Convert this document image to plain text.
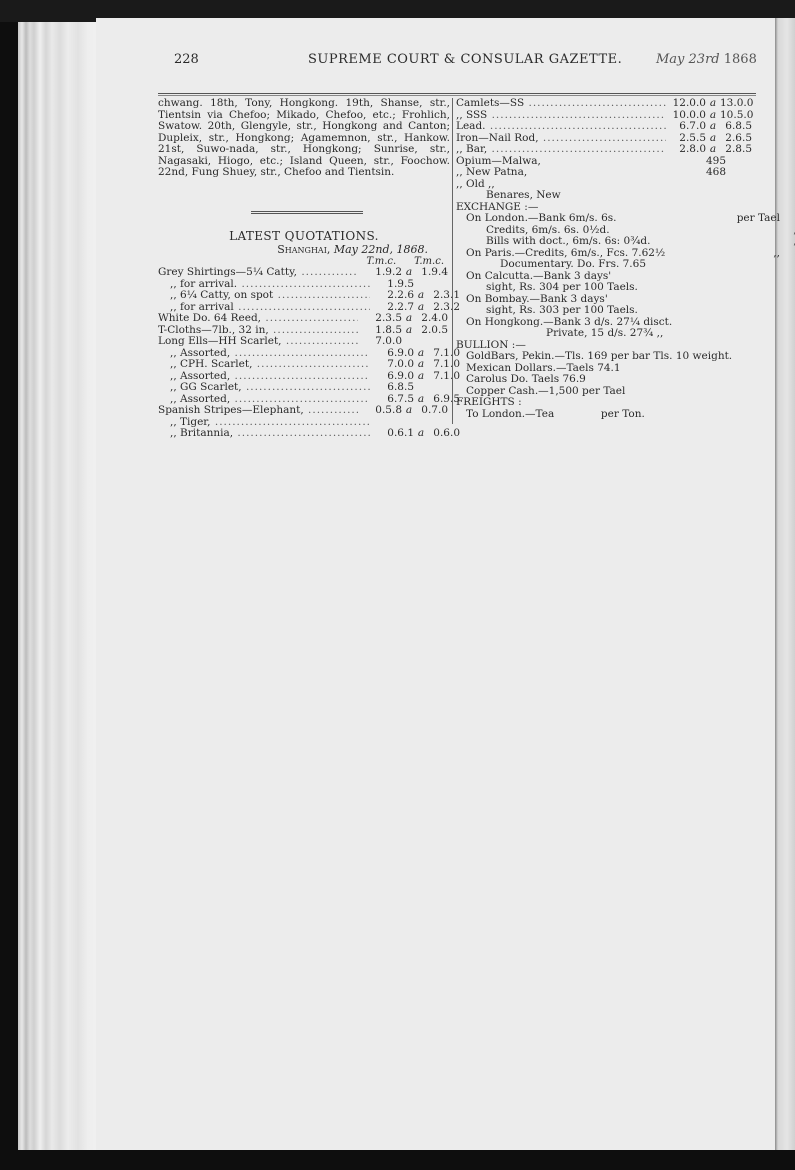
228	SUPREME COURT & CONSULAR GAZETTE.	May 23rd 1868

chwang. 18th, Tony, Hongkong. 19th, Shanse, str., Tientsin via Chefoo; Mikado, Chefoo, etc.; Frohlich, Swatow. 20th, Glengyle, str., Hongkong and Canton; Dupleix, str., Hongkong; Agamemnon, str., Hankow. 21st, Suwo-nada, str., Hongkong; Sunrise, str., Nagasaki, Hiogo, etc.; Island Queen, str., Foochow. 22nd, Fung Shuey, str., Chefoo and Tientsin.

LATEST QUOTATIONS.
Shanghai, May 22nd, 1868.
T.m.c. T.m.c.
Grey Shirtings—5¼ Catty, .....	1.9.2 a 1.9.4
,, for arrival. .....	1.9.5
,, 6¼ Catty, on spot .....	2.2.6 a 2.3.1
,, for arrival .....	2.2.7 a 2.3.2
White Do. 64 Reed, .....	2.3.5 a 2.4.0
T-Cloths—7lb., 32 in, .....	1.8.5 a 2.0.5
Long Ells—HH Scarlet, .....	7.0.0
,, Assorted, .....	6.9.0 a 7.1.0
,, CPH. Scarlet, .....	7.0.0 a 7.1.0
,, Assorted, .....	6.9.0 a 7.1.0
,, GG Scarlet, .....	6.8.5
,, Assorted, .....	6.7.5 a 6.9.5
Spanish Stripes—Elephant, .....	0.5.8 a 0.7.0
,, Tiger, .....
,, Britannia, .....	0.6.1 a 0.6.0
Camlets—SS .....	12.0.0 a 13.0.0
,, SSS .....	10.0.0 a 10.5.0
Lead. .....	6.7.0 a 6.8.5
Iron—Nail Rod, .....	2.5.5 a 2.6.5
,, Bar, .....	2.8.0 a 2.8.5
Opium—Malwa,	495
,, New Patna,	468
,, Old ,,
Benares, New
EXCHANGE :—
On London.—Bank 6m/s. 6s.	per Tael
Credits, 6m/s. 6s. 0½d.
Bills with doct., 6m/s. 6s: 0¾d.
On Paris.—Credits, 6m/s., Fcs. 7.62½	,,
Documentary. Do. Frs. 7.65
On Calcutta.—Bank 3 days'
sight, Rs. 304 per 100 Taels.
On Bombay.—Bank 3 days'
sight, Rs. 303 per 100 Taels.
On Hongkong.—Bank 3 d/s. 27¼ disct.
Private, 15 d/s. 27¾ ,,
BULLION :—
GoldBars, Pekin.—Tls. 169 per bar Tls. 10 weight.
Mexican Dollars.—Taels 74.1
Carolus Do. Taels 76.9
Copper Cash.—1,500 per Tael
FREIGHTS :
To London.—Tea              per Ton.
